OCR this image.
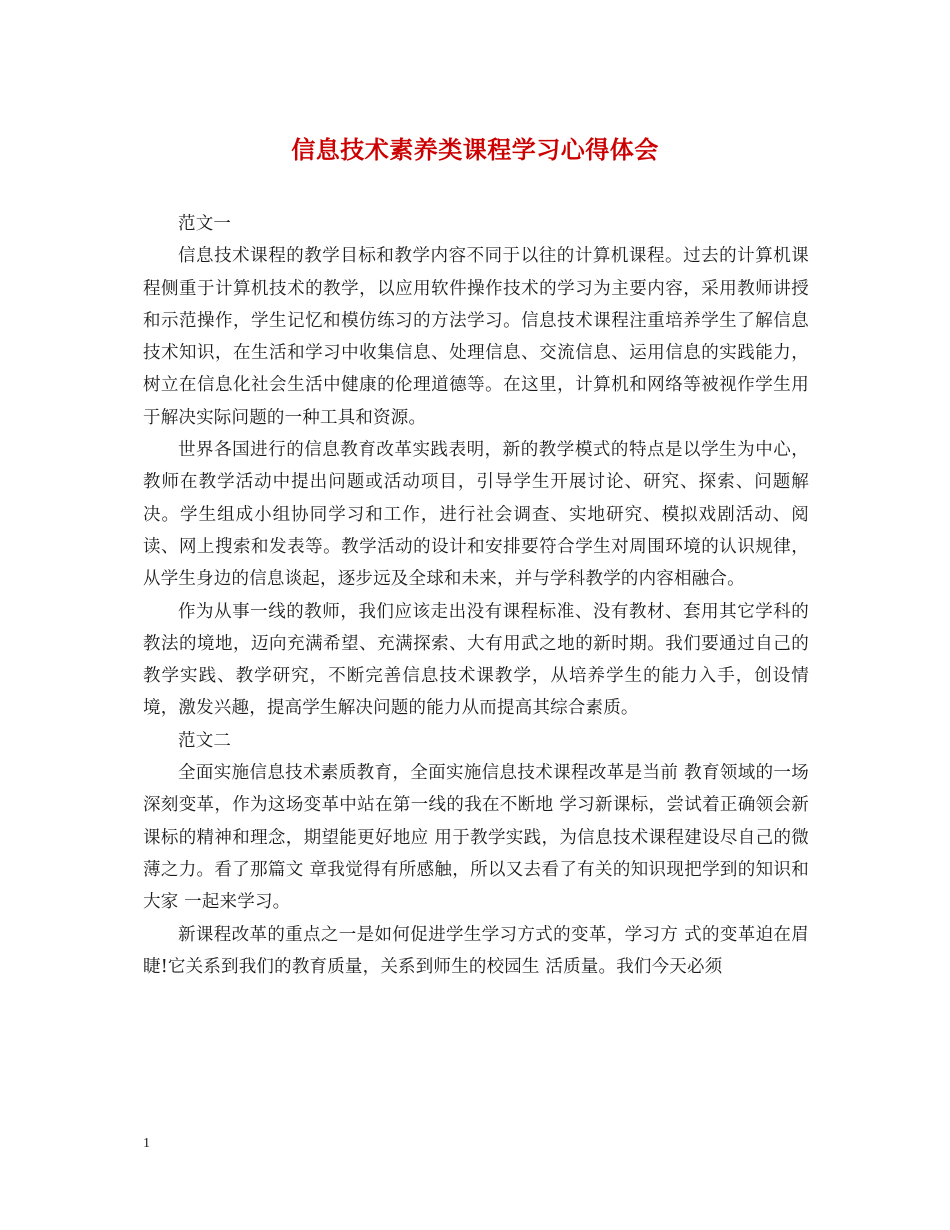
信息技术素养类课程学习心得体会

范文一

信息技术课程的教学目标和教学内容不同于以往的计算机课程。过去的计算机课程侧重于计算机技术的教学，以应用软件操作技术的学习为主要内容，采用教师讲授和示范操作，学生记忆和模仿练习的方法学习。信息技术课程注重培养学生了解信息技术知识，在生活和学习中收集信息、处理信息、交流信息、运用信息的实践能力，树立在信息化社会生活中健康的伦理道德等。在这里，计算机和网络等被视作学生用于解决实际问题的一种工具和资源。

世界各国进行的信息教育改革实践表明，新的教学模式的特点是以学生为中心，教师在教学活动中提出问题或活动项目，引导学生开展讨论、研究、探索、问题解决。学生组成小组协同学习和工作，进行社会调查、实地研究、模拟戏剧活动、阅读、网上搜索和发表等。教学活动的设计和安排要符合学生对周围环境的认识规律，从学生身边的信息谈起，逐步远及全球和未来，并与学科教学的内容相融合。

作为从事一线的教师，我们应该走出没有课程标准、没有教材、套用其它学科的教法的境地，迈向充满希望、充满探索、大有用武之地的新时期。我们要通过自己的教学实践、教学研究，不断完善信息技术课教学，从培养学生的能力入手，创设情境，激发兴趣，提高学生解决问题的能力从而提高其综合素质。

范文二

全面实施信息技术素质教育，全面实施信息技术课程改革是当前 教育领域的一场深刻变革，作为这场变革中站在第一线的我在不断地 学习新课标，尝试着正确领会新课标的精神和理念，期望能更好地应 用于教学实践，为信息技术课程建设尽自己的微薄之力。看了那篇文 章我觉得有所感触，所以又去看了有关的知识现把学到的知识和大家 一起来学习。

新课程改革的重点之一是如何促进学生学习方式的变革，学习方 式的变革迫在眉睫!它关系到我们的教育质量，关系到师生的校园生 活质量。我们今天必须

1
